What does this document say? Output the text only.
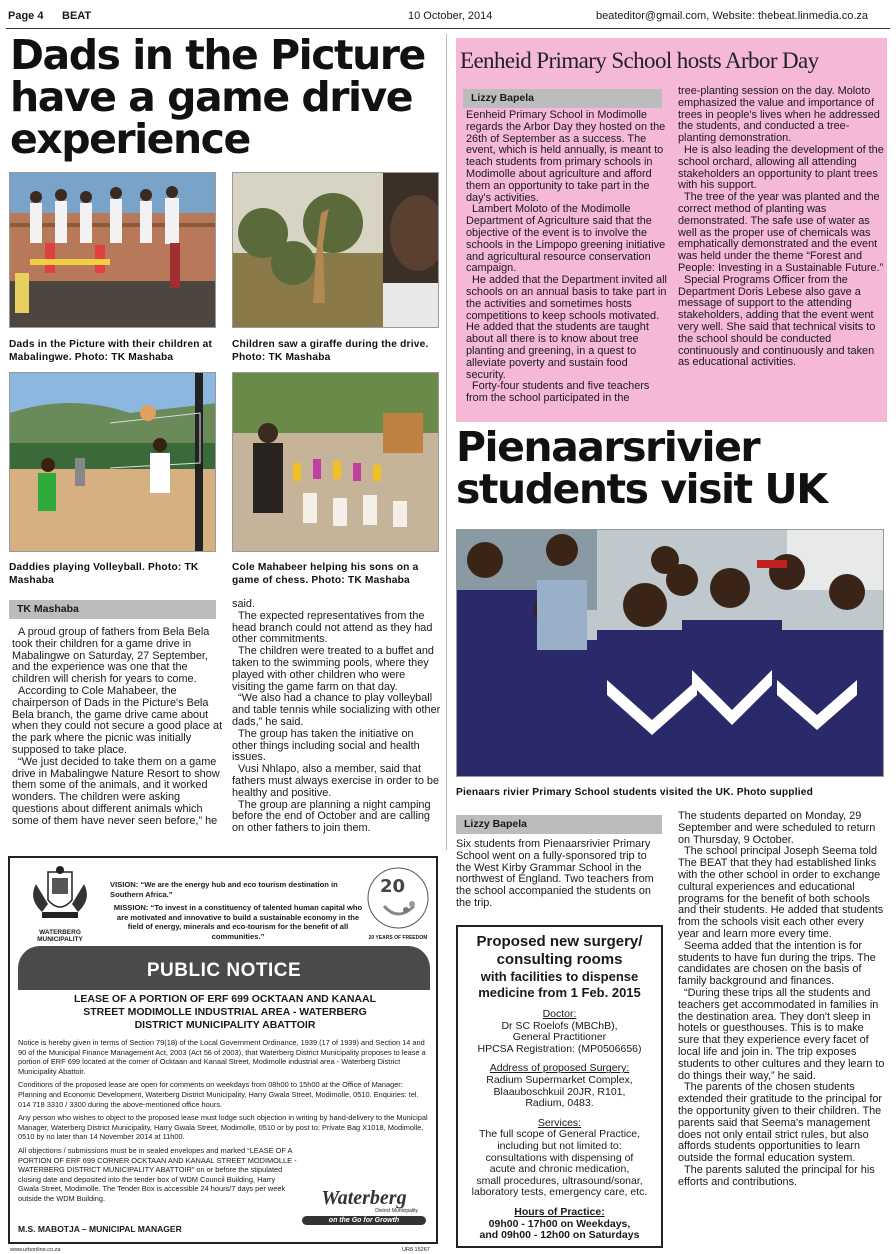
Page 4 BEAT	10 October, 2014	beateditor@gmail.com, Website: thebeat.linmedia.co.za
Dads in the Picture have a game drive experience
Dads in the Picture with their children at Mabalingwe. Photo: TK Mashaba
Children saw a giraffe during the drive. Photo: TK Mashaba
Daddies playing Volleyball. Photo: TK Mashaba
Cole Mahabeer helping his sons on a game of chess. Photo: TK Mashaba
TK Mashaba

A proud group of fathers from Bela Bela took their children for a game drive in Mabalingwe on Saturday, 27 September, and the experience was one that the children will cherish for years to come.

According to Cole Mahabeer, the chairperson of Dads in the Picture's Bela Bela branch, the game drive came about when they could not secure a good place at the park where the picnic was initially supposed to take place.

“We just decided to take them on a game drive in Mabalingwe Nature Resort to show them some of the animals, and it worked wonders. The children were asking questions about different animals which some of them have never seen before,” he

said.

The expected representatives from the head branch could not attend as they had other commitments.

The children were treated to a buffet and taken to the swimming pools, where they played with other children who were visiting the game farm on that day.

“We also had a chance to play volleyball and table tennis while socializing with other dads,” he said.

The group has taken the initiative on other things including social and health issues.

Vusi Nhlapo, also a member, said that fathers must always exercise in order to be healthy and positive.

The group are planning a night camping before the end of October and are calling on other fathers to join them.

Eenheid Primary School hosts Arbor Day
Lizzy Bapela

Eenheid Primary School in Modimolle regards the Arbor Day they hosted on the 26th of September as a success. The event, which is held annually, is meant to teach students from primary schools in Modimolle about agriculture and afford them an opportunity to take part in the day's activities.

Lambert Moloto of the Modimolle Department of Agriculture said that the objective of the event is to involve the schools in the Limpopo greening initiative and agricultural resource conservation campaign.

He added that the Department invited all schools on an annual basis to take part in the activities and sometimes hosts competitions to keep schools motivated. He added that the students are taught about all there is to know about tree planting and greening, in a quest to alleviate poverty and sustain food security.

Forty-four students and five teachers from the school participated in the

tree-planting session on the day. Moloto emphasized the value and importance of trees in people's lives when he addressed the students, and conducted a tree-planting demonstration.

He is also leading the development of the school orchard, allowing all attending stakeholders an opportunity to plant trees with his support.

The tree of the year was planted and the correct method of planting was demonstrated. The safe use of water as well as the proper use of chemicals was emphatically demonstrated and the event was held under the theme “Forest and People: Investing in a Sustainable Future.”

Special Programs Officer from the Department Doris Lebese also gave a message of support to the attending stakeholders, adding that the event went very well. She said that technical visits to the school should be conducted continuously and continuously and taken as educational activities.

Pienaarsrivier students visit UK
Pienaars rivier Primary School students visited the UK. Photo supplied
Lizzy Bapela

Six students from Pienaarsrivier Primary School went on a fully-sponsored trip to the West Kirby Grammar School in the northwest of England. Two teachers from the school accompanied the students on the trip.

The students departed on Monday, 29 September and were scheduled to return on Thursday, 9 October.

The school principal Joseph Seema told The BEAT that they had established links with the other school in order to exchange cultural experiences and educational programs for the benefit of both schools and their students. He added that students from the schools visit each other every year and learn more every time.

Seema added that the intention is for students to have fun during the trips. The candidates are chosen on the basis of family background and finances.

“During these trips all the students and teachers get accommodated in families in the destination area. They don't sleep in hotels or guesthouses. This is to make sure that they experience every facet of local life and join in. The trip exposes students to other cultures and they learn to do things their way,” he said.

The parents of the chosen students extended their gratitude to the principal for the opportunity given to their children. The parents said that Seema's management does not only entail strict rules, but also affords students opportunities to learn outside the formal education system.

The parents saluted the principal for his efforts and contributions.

Proposed new surgery/
consulting rooms
with facilities to dispense
medicine from 1 Feb. 2015
Doctor:
Dr SC Roelofs (MBChB),
General Practitioner
HPCSA Registration: (MP0506656)
Address of proposed Surgery:
Radium Supermarket Complex,
Blaauboschkuil 20JR, R101,
Radium, 0483.
Services:
The full scope of General Practice,
including but not limited to:
consultations with dispensing of
acute and chronic medication,
small procedures, ultrasound/sonar,
laboratory tests, emergency care, etc.
Hours of Practice:
09h00 - 17h00 on Weekdays,
and 09h00 - 12h00 on Saturdays
WATERBERG MUNICIPALITY
VISION: “We are the energy hub and eco tourism destination in Southern Africa.”
MISSION: “To invest in a constituency of talented human capital who are motivated and innovative to build a sustainable economy in the field of energy, minerals and eco-tourism for the benefit of all communities.”
20
20 YEARS OF FREEDOM
PUBLIC NOTICE
LEASE OF A PORTION OF ERF 699 OCKTAAN AND KANAAL STREET MODIMOLLE INDUSTRIAL AREA - WATERBERG DISTRICT MUNICIPALITY ABATTOIR

Notice is hereby given in terms of Section 79(18) of the Local Government Ordinance, 1939 (17 of 1939) and Section 14 and 90 of the Municipal Finance Management Act, 2003 (Act 56 of 2003), that Waterberg District Municipality proposes to lease a portion of ERF 699 located at the corner of Ocktaan and Kanaal Street, Modimolle industrial area - Waterberg District Municipality Abattoir.

Conditions of the proposed lease are open for comments on weekdays from 08h00 to 15h00 at the Office of Manager: Planning and Economic Development, Waterberg District Municipality, Harry Gwala Street, Modimolle, 0510. Enquiries: tel. 014 718 3310 / 3300 during the above-mentioned office hours.

Any person who wishes to object to the proposed lease must lodge such objection in writing by hand-delivery to the Municipal Manager, Waterberg District Municipality, Harry Gwala Street, Modimolle, 0510 or by post to: Private Bag X1018, Modimolle, 0510 by no later than 14 November 2014 at 11h00.

All objections / submissions must be in sealed envelopes and marked “LEASE OF A PORTION OF ERF 699 CORNER OCKTAAN AND KANAAL STREET MODIMOLLE - WATERBERG DISTRICT MUNICIPALITY ABATTOIR” on or before the stipulated closing date and deposited into the tender box of WDM Council Building, Harry Gwala Street, Modimolle. The Tender Box is accessible 24 hours/7 days per week outside the WDM Building.

M.S. MABOTJA – MUNICIPAL MANAGER
Waterberg
District Municipality
on the Go for Growth
www.urbonline.co.za	UR8 15267
